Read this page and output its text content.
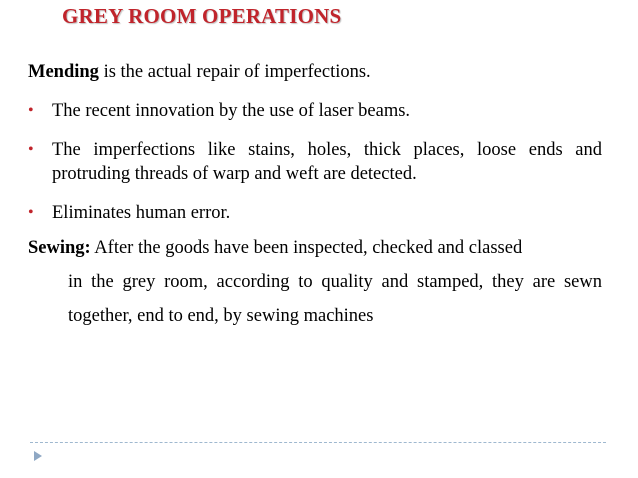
GREY ROOM OPERATIONS

Mending is the actual repair of imperfections.

• The recent innovation by the use of laser beams.
• The imperfections like stains, holes, thick places, loose ends and protruding threads of warp and weft are detected.
• Eliminates human error.
Sewing: After the goods have been inspected, checked and classed
in the grey room, according to quality and stamped, they are sewn together, end to end, by sewing machines
